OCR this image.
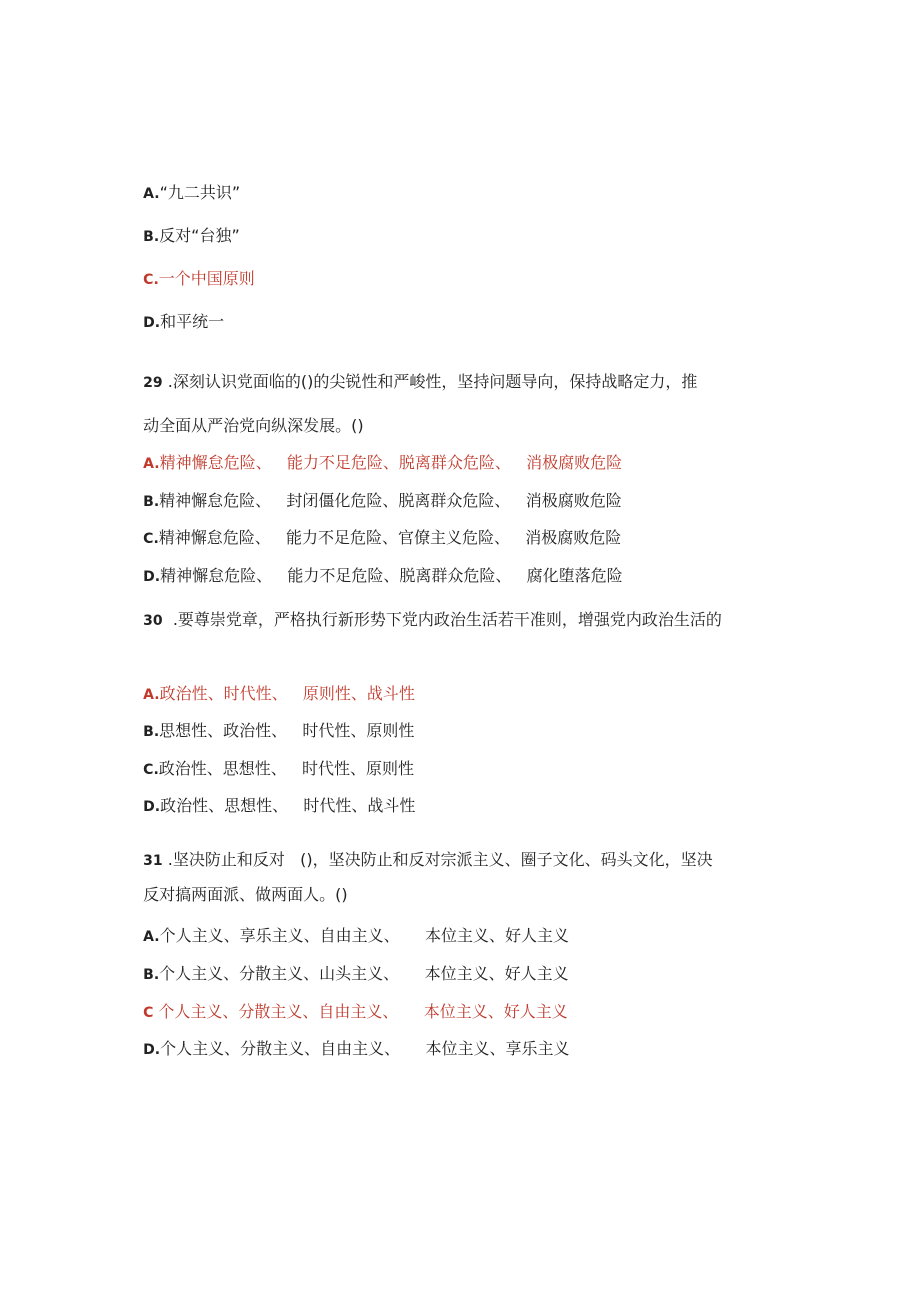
A.“九二共识”

B.反对“台独”

C.一个中国原则

D.和平统一

29 .深刻认识党面临的()的尖锐性和严峻性，坚持问题导向，保持战略定力，推

动全面从严治党向纵深发展。()

A.精神懈怠危险、   能力不足危险、脱离群众危险、   消极腐败危险

B.精神懈怠危险、   封闭僵化危险、脱离群众危险、   消极腐败危险

C.精神懈怠危险、   能力不足危险、官僚主义危险、   消极腐败危险

D.精神懈怠危险、   能力不足危险、脱离群众危险、   腐化堕落危险

30  .要尊崇党章，严格执行新形势下党内政治生活若干准则，增强党内政治生活的

A.政治性、时代性、   原则性、战斗性

B.思想性、政治性、   时代性、原则性

C.政治性、思想性、   时代性、原则性

D.政治性、思想性、   时代性、战斗性

31 .坚决防止和反对   ()，坚决防止和反对宗派主义、圈子文化、码头文化，坚决

反对搞两面派、做两面人。()

A.个人主义、享乐主义、自由主义、     本位主义、好人主义

B.个人主义、分散主义、山头主义、     本位主义、好人主义

C 个人主义、分散主义、自由主义、     本位主义、好人主义

D.个人主义、分散主义、自由主义、     本位主义、享乐主义
